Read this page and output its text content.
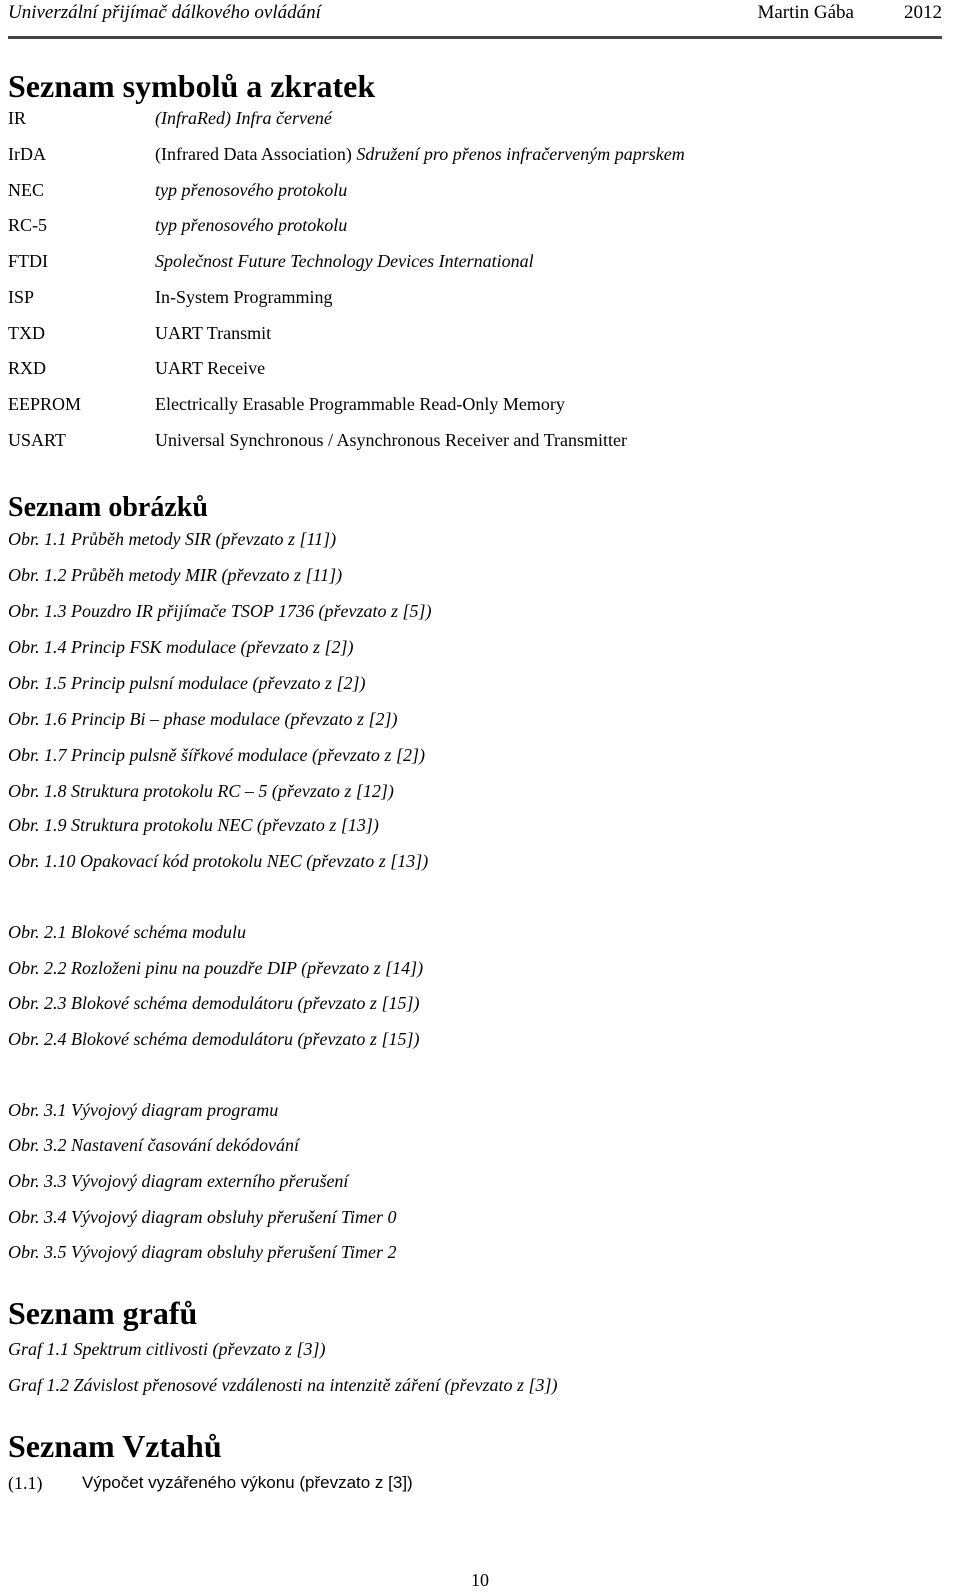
Univerzální přijímač dálkového ovládání	Martin Gába	2012
Seznam symbolů a zkratek
IR	(InfraRed) Infra červené
IrDA	(Infrared Data Association) Sdružení pro přenos infračerveným paprskem
NEC	typ přenosového protokolu
RC-5	typ přenosového protokolu
FTDI	Společnost Future Technology Devices International
ISP	In-System Programming
TXD	UART Transmit
RXD	UART Receive
EEPROM	Electrically Erasable Programmable Read-Only Memory
USART	Universal Synchronous / Asynchronous Receiver and Transmitter
Seznam obrázků
Obr. 1.1 Průběh metody SIR (převzato z [11])
Obr. 1.2 Průběh metody MIR (převzato z [11])
Obr. 1.3 Pouzdro IR přijímače TSOP 1736 (převzato z [5])
Obr. 1.4 Princip FSK modulace (převzato z [2])
Obr. 1.5 Princip pulsní modulace (převzato z [2])
Obr. 1.6 Princip Bi – phase modulace (převzato z [2])
Obr. 1.7 Princip pulsně šířkové modulace (převzato z [2])
Obr. 1.8 Struktura protokolu RC – 5 (převzato z [12])
Obr. 1.9 Struktura protokolu NEC (převzato z [13])
Obr. 1.10 Opakovací kód protokolu NEC (převzato z [13])
Obr. 2.1 Blokové schéma modulu
Obr. 2.2 Rozloženi pinu na pouzdře DIP (převzato z [14])
Obr. 2.3 Blokové schéma demodulátoru (převzato z [15])
Obr. 2.4 Blokové schéma demodulátoru (převzato z [15])
Obr. 3.1 Vývojový diagram programu
Obr. 3.2 Nastavení časování dekódování
Obr. 3.3 Vývojový diagram externího přerušení
Obr. 3.4 Vývojový diagram obsluhy přerušení Timer 0
Obr. 3.5 Vývojový diagram obsluhy přerušení Timer 2
Seznam grafů
Graf 1.1 Spektrum citlivosti (převzato z [3])
Graf 1.2 Závislost přenosové vzdálenosti na intenzitě záření (převzato z [3])
Seznam Vztahů
(1.1) Výpočet vyzářeného výkonu (převzato z [3])
10
